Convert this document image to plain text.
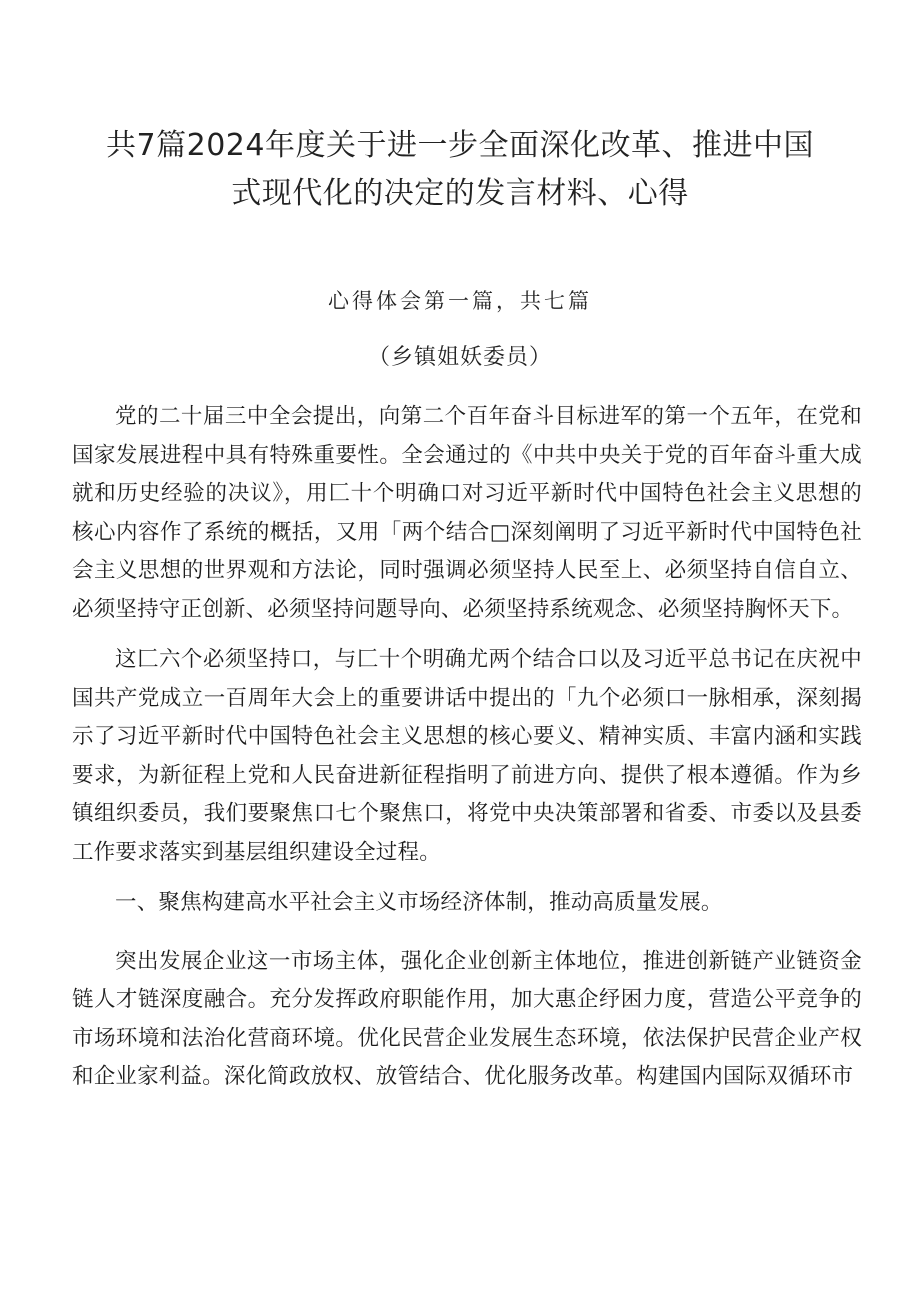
共7篇2024年度关于进一步全面深化改革、推进中国
式现代化的决定的发言材料、心得
心得体会第一篇，共七篇
（乡镇姐妖委员）

党的二十届三中全会提出，向第二个百年奋斗目标进军的第一个五年，在党和国家发展进程中具有特殊重要性。全会通过的《中共中央关于党的百年奋斗重大成就和历史经验的决议》，用匚十个明确口对习近平新时代中国特色社会主义思想的核心内容作了系统的概括，又用「两个结合□深刻阐明了习近平新时代中国特色社会主义思想的世界观和方法论，同时强调必须坚持人民至上、必须坚持自信自立、必须坚持守正创新、必须坚持问题导向、必须坚持系统观念、必须坚持胸怀天下。

这匚六个必须坚持口，与匚十个明确尤两个结合口以及习近平总书记在庆祝中国共产党成立一百周年大会上的重要讲话中提出的「九个必须口一脉相承，深刻揭示了习近平新时代中国特色社会主义思想的核心要义、精神实质、丰富内涵和实践要求，为新征程上党和人民奋进新征程指明了前进方向、提供了根本遵循。作为乡镇组织委员，我们要聚焦口七个聚焦口，将党中央决策部署和省委、市委以及县委工作要求落实到基层组织建设全过程。

一、聚焦构建高水平社会主义市场经济体制，推动高质量发展。

突出发展企业这一市场主体，强化企业创新主体地位，推进创新链产业链资金链人才链深度融合。充分发挥政府职能作用，加大惠企纾困力度，营造公平竞争的市场环境和法治化营商环境。优化民营企业发展生态环境，依法保护民营企业产权和企业家利益。深化简政放权、放管结合、优化服务改革。构建国内国际双循环市
